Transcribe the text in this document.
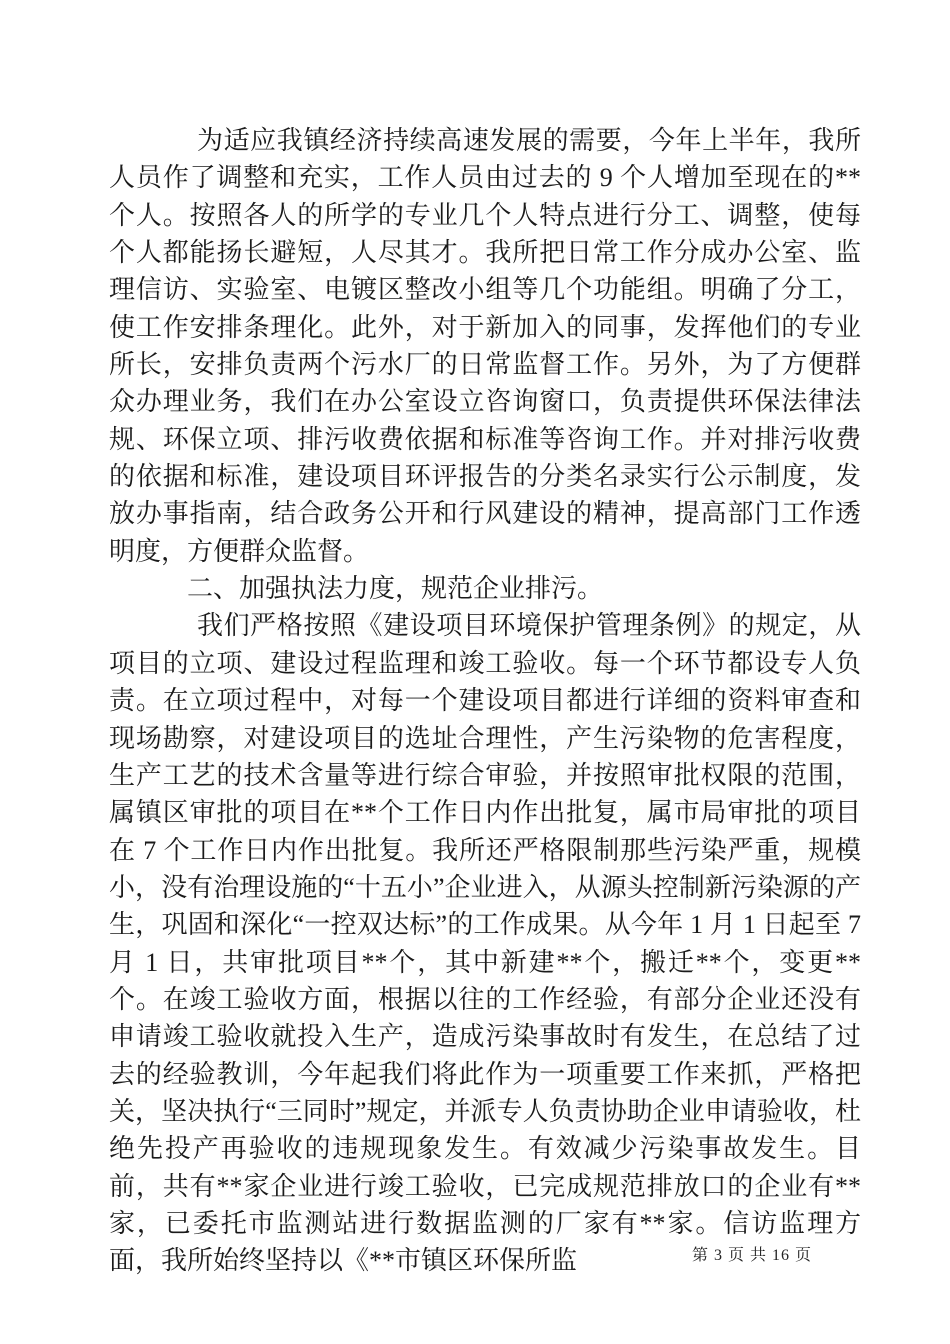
为适应我镇经济持续高速发展的需要，今年上半年，我所人员作了调整和充实，工作人员由过去的 9 个人增加至现在的**个人。按照各人的所学的专业几个人特点进行分工、调整，使每个人都能扬长避短，人尽其才。我所把日常工作分成办公室、监理信访、实验室、电镀区整改小组等几个功能组。明确了分工，使工作安排条理化。此外，对于新加入的同事，发挥他们的专业所长，安排负责两个污水厂的日常监督工作。另外，为了方便群众办理业务，我们在办公室设立咨询窗口，负责提供环保法律法规、环保立项、排污收费依据和标准等咨询工作。并对排污收费的依据和标准，建设项目环评报告的分类名录实行公示制度，发放办事指南，结合政务公开和行风建设的精神，提高部门工作透明度，方便群众监督。

二、加强执法力度，规范企业排污。

我们严格按照《建设项目环境保护管理条例》的规定，从项目的立项、建设过程监理和竣工验收。每一个环节都设专人负责。在立项过程中，对每一个建设项目都进行详细的资料审查和现场勘察，对建设项目的选址合理性，产生污染物的危害程度，生产工艺的技术含量等进行综合审验，并按照审批权限的范围，属镇区审批的项目在**个工作日内作出批复，属市局审批的项目在 7 个工作日内作出批复。我所还严格限制那些污染严重，规模小，没有治理设施的“十五小”企业进入，从源头控制新污染源的产生，巩固和深化“一控双达标”的工作成果。从今年 1 月 1 日起至 7 月 1 日，共审批项目**个，其中新建**个，搬迁**个，变更**个。在竣工验收方面，根据以往的工作经验，有部分企业还没有申请竣工验收就投入生产，造成污染事故时有发生，在总结了过去的经验教训，今年起我们将此作为一项重要工作来抓，严格把关，坚决执行“三同时”规定，并派专人负责协助企业申请验收，杜绝先投产再验收的违规现象发生。有效减少污染事故发生。目前，共有**家企业进行竣工验收，已完成规范排放口的企业有**家，已委托市监测站进行数据监测的厂家有**家。信访监理方面，我所始终坚持以《**市镇区环保所监	第 3 页 共 16 页
